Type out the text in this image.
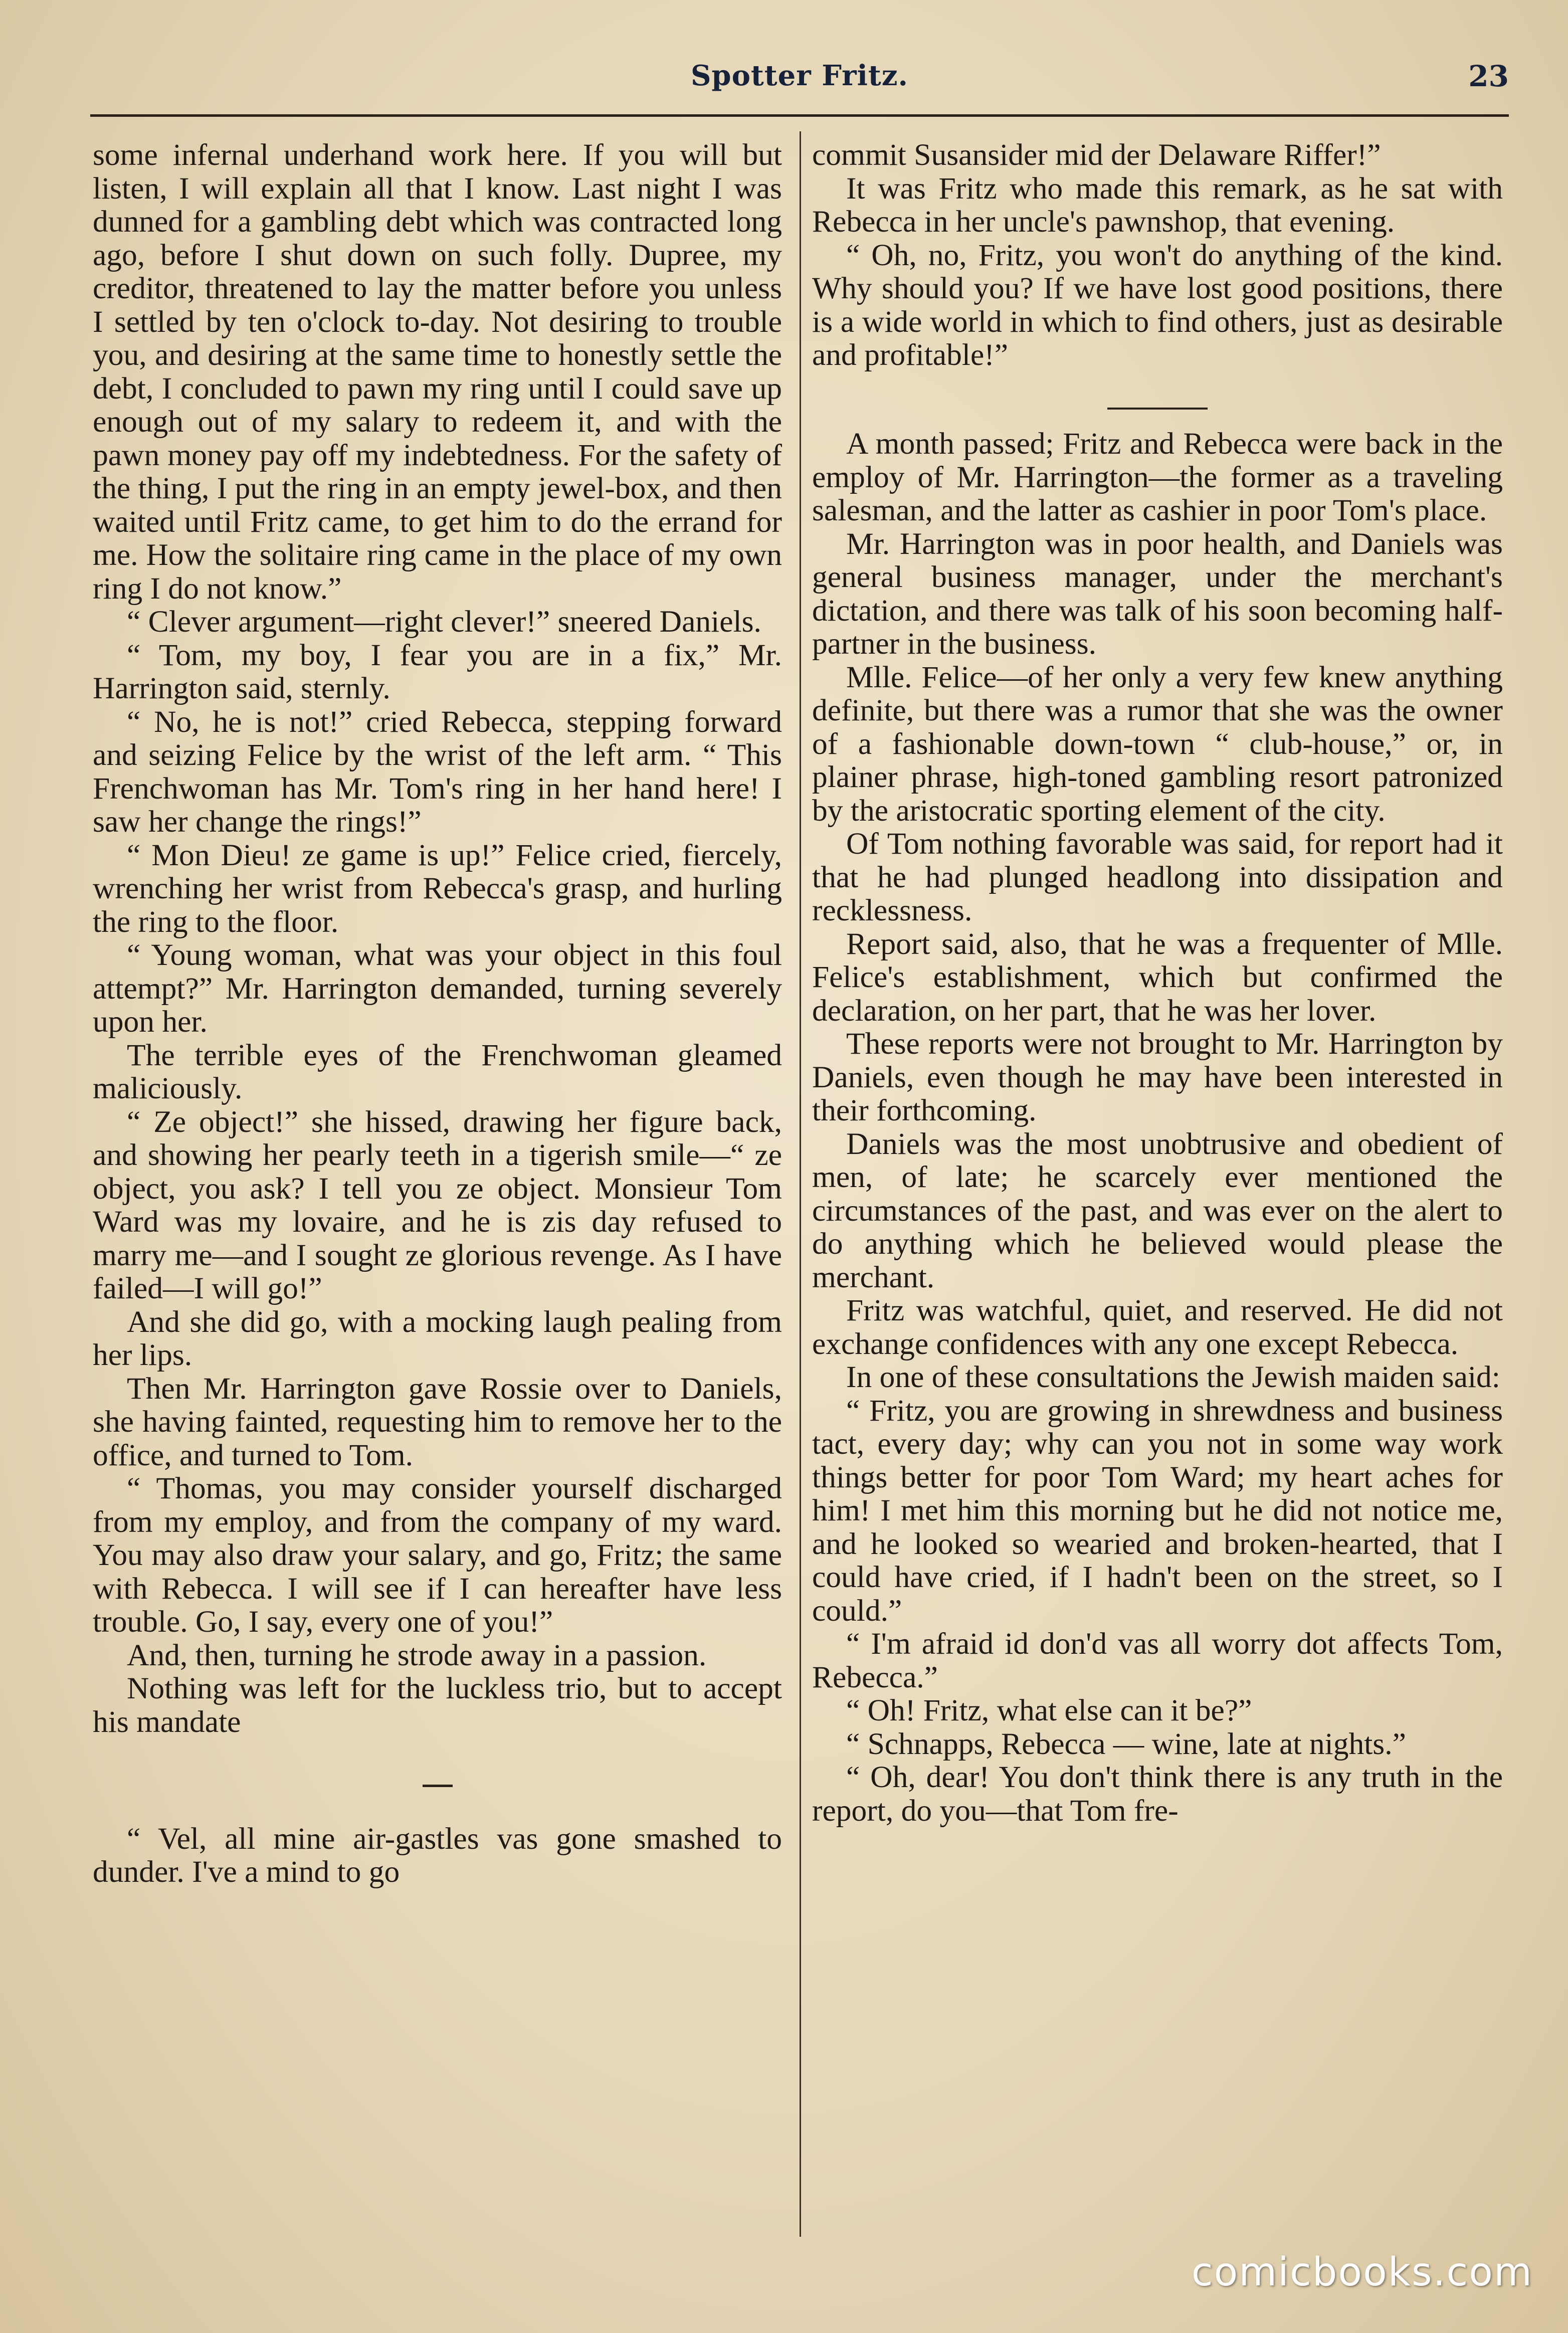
Spotter Fritz.	23

some infernal underhand work here. If you will but listen, I will explain all that I know. Last night I was dunned for a gambling debt which was contracted long ago, before I shut down on such folly. Dupree, my creditor, threatened to lay the matter before you unless I settled by ten o'clock to-day. Not desiring to trouble you, and desiring at the same time to honestly settle the debt, I concluded to pawn my ring until I could save up enough out of my salary to redeem it, and with the pawn money pay off my indebtedness. For the safety of the thing, I put the ring in an empty jewel-box, and then waited until Fritz came, to get him to do the errand for me. How the solitaire ring came in the place of my own ring I do not know.”

“ Clever argument—right clever!” sneered Daniels.

“ Tom, my boy, I fear you are in a fix,” Mr. Harrington said, sternly.

“ No, he is not!” cried Rebecca, stepping forward and seizing Felice by the wrist of the left arm. “ This Frenchwoman has Mr. Tom's ring in her hand here! I saw her change the rings!”

“ Mon Dieu! ze game is up!” Felice cried, fiercely, wrenching her wrist from Rebecca's grasp, and hurling the ring to the floor.

“ Young woman, what was your object in this foul attempt?” Mr. Harrington demanded, turning severely upon her.

The terrible eyes of the Frenchwoman gleamed maliciously.

“ Ze object!” she hissed, drawing her figure back, and showing her pearly teeth in a tigerish smile—“ ze object, you ask? I tell you ze object. Monsieur Tom Ward was my lovaire, and he is zis day refused to marry me—and I sought ze glorious revenge. As I have failed—I will go!”

And she did go, with a mocking laugh pealing from her lips.

Then Mr. Harrington gave Rossie over to Daniels, she having fainted, requesting him to remove her to the office, and turned to Tom.

“ Thomas, you may consider yourself discharged from my employ, and from the company of my ward. You may also draw your salary, and go, Fritz; the same with Rebecca. I will see if I can hereafter have less trouble. Go, I say, every one of you!”

And, then, turning he strode away in a passion.

Nothing was left for the luckless trio, but to accept his mandate

“ Vel, all mine air-gastles vas gone smashed to dunder. I've a mind to go

commit Susansider mid der Delaware Riffer!”

It was Fritz who made this remark, as he sat with Rebecca in her uncle's pawnshop, that evening.

“ Oh, no, Fritz, you won't do anything of the kind. Why should you? If we have lost good positions, there is a wide world in which to find others, just as desirable and profitable!”

A month passed; Fritz and Rebecca were back in the employ of Mr. Harrington—the former as a traveling salesman, and the latter as cashier in poor Tom's place.

Mr. Harrington was in poor health, and Daniels was general business manager, under the merchant's dictation, and there was talk of his soon becoming half-partner in the business.

Mlle. Felice—of her only a very few knew anything definite, but there was a rumor that she was the owner of a fashionable down-town “ club-house,” or, in plainer phrase, high-toned gambling resort patronized by the aristocratic sporting element of the city.

Of Tom nothing favorable was said, for report had it that he had plunged headlong into dissipation and recklessness.

Report said, also, that he was a frequenter of Mlle. Felice's establishment, which but confirmed the declaration, on her part, that he was her lover.

These reports were not brought to Mr. Harrington by Daniels, even though he may have been interested in their forthcoming.

Daniels was the most unobtrusive and obedient of men, of late; he scarcely ever mentioned the circumstances of the past, and was ever on the alert to do anything which he believed would please the merchant.

Fritz was watchful, quiet, and reserved. He did not exchange confidences with any one except Rebecca.

In one of these consultations the Jewish maiden said:

“ Fritz, you are growing in shrewdness and business tact, every day; why can you not in some way work things better for poor Tom Ward; my heart aches for him! I met him this morning but he did not notice me, and he looked so wearied and broken-hearted, that I could have cried, if I hadn't been on the street, so I could.”

“ I'm afraid id don'd vas all worry dot affects Tom, Rebecca.”

“ Oh! Fritz, what else can it be?”

“ Schnapps, Rebecca — wine, late at nights.”

“ Oh, dear! You don't think there is any truth in the report, do you—that Tom fre-

comicbooks.com
